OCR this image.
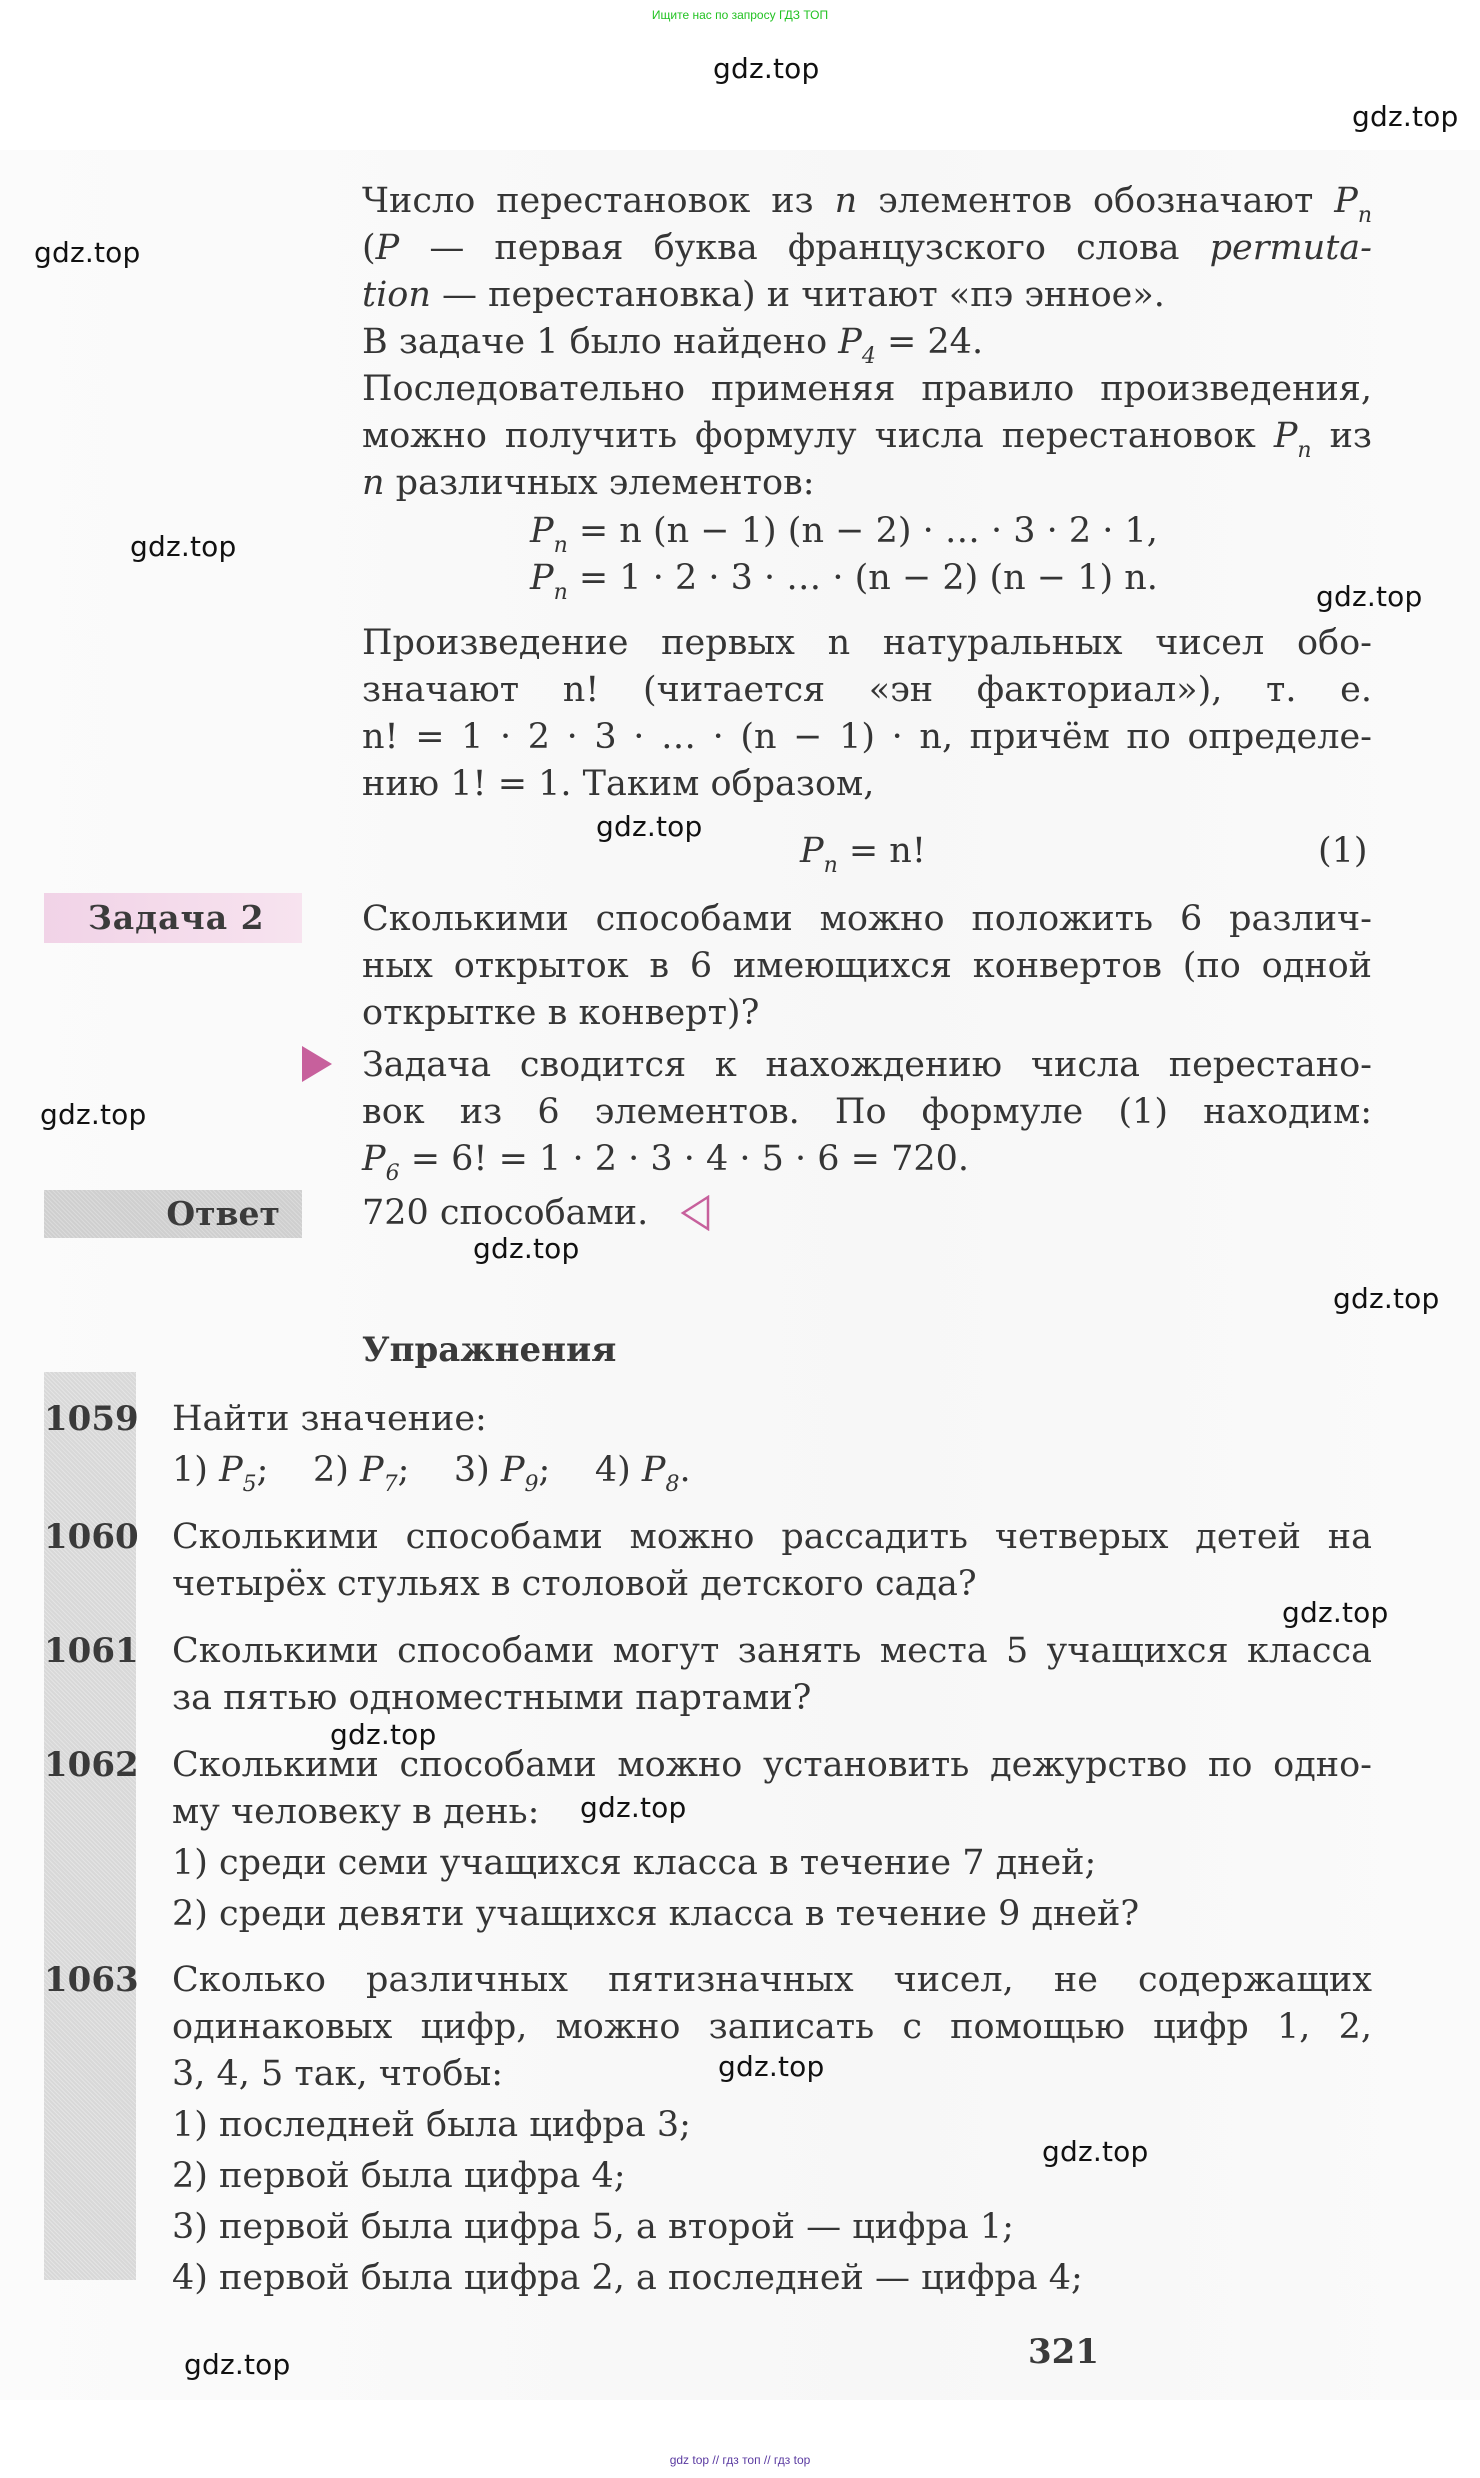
Ищите нас по запросу ГДЗ ТОП
Число перестановок из n элементов обозначают $P_n$
(P — первая буква французского слова permuta-
tion — перестановка) и читают «пэ энное».
В задаче 1 было найдено $P_4 = 24$.
Последовательно применяя правило произведения,
можно получить формулу числа перестановок $P_n$ из
n различных элементов:
$P_n = n$ (n − 1) (n − 2) · … · 3 · 2 · 1,
$P_n = 1 \cdot 2 \cdot 3$ · … · (n − 2) (n − 1) n.
Произведение первых n натуральных чисел обо-
значают n! (читается «эн факториал»), т. е.
n! = 1 · 2 · 3 · … · (n − 1) · n, причём по определе-
нию 1! = 1. Таким образом,
$P_n = n$!	(1)
Задача 2	Сколькими способами можно положить 6 различ-
ных открыток в 6 имеющихся конвертов (по одной
открытке в конверт)?
Задача сводится к нахождению числа перестано-
вок из 6 элементов. По формуле (1) находим:
$P_6 = 6$! = 1 · 2 · 3 · 4 · 5 · 6 = 720.
Ответ	720 способами.
Упражнения
1059 Найти значение:
1) $P_5$; 2) $P_7$; 3) $P_9$; 4) $P_8$.
1060 Сколькими способами можно рассадить четверых детей на
четырёх стульях в столовой детского сада?
1061 Сколькими способами могут занять места 5 учащихся класса
за пятью одноместными партами?
1062 Сколькими способами можно установить дежурство по одно-
му человеку в день:
1) среди семи учащихся класса в течение 7 дней;
2) среди девяти учащихся класса в течение 9 дней?
1063 Сколько различных пятизначных чисел, не содержащих
одинаковых цифр, можно записать с помощью цифр 1, 2,
3, 4, 5 так, чтобы:
1) последней была цифра 3;
2) первой была цифра 4;
3) первой была цифра 5, а второй — цифра 1;
4) первой была цифра 2, а последней — цифра 4;
321
gdz.top
gdz.top
gdz.top
gdz.top
gdz.top
gdz.top
gdz.top
gdz.top
gdz.top
gdz.top
gdz.top
gdz.top
gdz.top
gdz.top
gdz.top
gdz top // гдз топ // гдз top
